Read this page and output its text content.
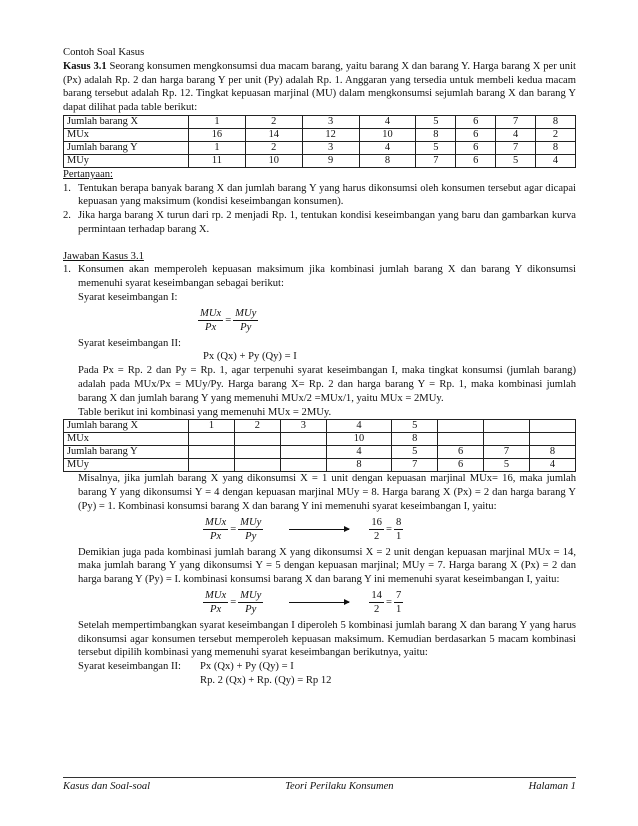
Contoh Soal Kasus

Kasus 3.1 Seorang konsumen mengkonsumsi dua macam barang, yaitu barang X dan barang Y. Harga barang X per unit (Px) adalah Rp. 2 dan harga barang Y per unit (Py) adalah Rp. 1. Anggaran yang tersedia untuk membeli kedua macam barang tersebut adalah Rp. 12. Tingkat kepuasan marjinal (MU) dalam mengkonsumsi sejumlah barang X dan barang Y dapat dilihat pada table berikut:

Jumlah barang X	1	2	3	4	5	6	7	8
MUx	16	14	12	10	8	6	4	2
Jumlah barang Y	1	2	3	4	5	6	7	8
MUy	11	10	9	8	7	6	5	4

Pertanyaan:

1. Tentukan berapa banyak barang X dan jumlah barang Y yang harus dikonsumsi oleh konsumen tersebut agar dicapai kepuasan yang maksimum (kondisi keseimbangan konsumen).

2. Jika harga barang X turun dari rp. 2 menjadi Rp. 1, tentukan kondisi keseimbangan yang baru dan gambarkan kurva permintaan terhadap barang X.

Jawaban Kasus 3.1

1. Konsumen akan memperoleh kepuasan maksimum jika kombinasi jumlah barang X dan barang Y dikonsumsi memenuhi syarat keseimbangan sebagai berikut:

Syarat keseimbangan I:

$\frac{\text{MUx}}{Px} = \frac{\text{MUy}}{Py}$

Syarat keseimbangan II:

Px (Qx) + Py (Qy) = I

Pada Px = Rp. 2 dan Py = Rp. 1, agar terpenuhi syarat keseimbangan I, maka tingkat konsumsi (jumlah barang) adalah pada MUx/Px = MUy/Py. Harga barang X= Rp. 2 dan harga barang Y = Rp. 1, maka kombinasi jumlah barang X dan jumlah barang Y yang memenuhi MUx/2 =MUx/1, yaitu MUx = 2MUy.

Table berikut ini kombinasi yang memenuhi MUx = 2MUy.

Jumlah barang X	1	2	3	4	5			
MUx				10	8			
Jumlah barang Y				4	5	6	7	8
MUy				8	7	6	5	4

Misalnya, jika jumlah barang X yang dikonsumsi X = 1 unit dengan kepuasan marjinal MUx= 16, maka jumlah barang Y yang dikonsumsi Y = 4 dengan kepuasan marjinal MUy = 8. Harga barang X (Px) = 2 dan harga barang Y (Py) = 1. Kombinasi konsumsi barang X dan barang Y ini memenuhi syarat keseimbangan I, yaitu:

$\frac{\text{MUx}}{Px} = \frac{\text{MUy}}{Py}$	$\frac{16}{2} = \frac{8}{1}$

Demikian juga pada kombinasi jumlah barang X yang dikonsumsi X = 2 unit dengan kepuasan marjinal MUx = 14, maka jumlah barang Y yang dikonsumsi Y = 5 dengan kepuasan marjinal; MUy = 7. Harga barang X (Px) = 2 dan harga barang Y (Py) = I. kombinasi konsumsi barang X dan barang Y ini memenuhi syarat keseimbangan I, yaitu:

$\frac{\text{MUx}}{Px} = \frac{\text{MUy}}{Py}$	$\frac{14}{2} = \frac{7}{1}$

Setelah mempertimbangkan syarat keseimbangan I diperoleh 5 kombinasi jumlah barang X dan barang Y yang harus dikonsumsi agar konsumen tersebut memperoleh kepuasan maksimum. Kemudian berdasarkan 5 macam kombinasi tersebut dipilih kombinasi yang memenuhi syarat keseimbangan berikutnya, yaitu:

Syarat keseimbangan II:	Px (Qx) + Py (Qy) = I

Rp. 2 (Qx) + Rp. (Qy) = Rp 12

Kasus dan Soal-soal	Teori Perilaku Konsumen	Halaman 1
